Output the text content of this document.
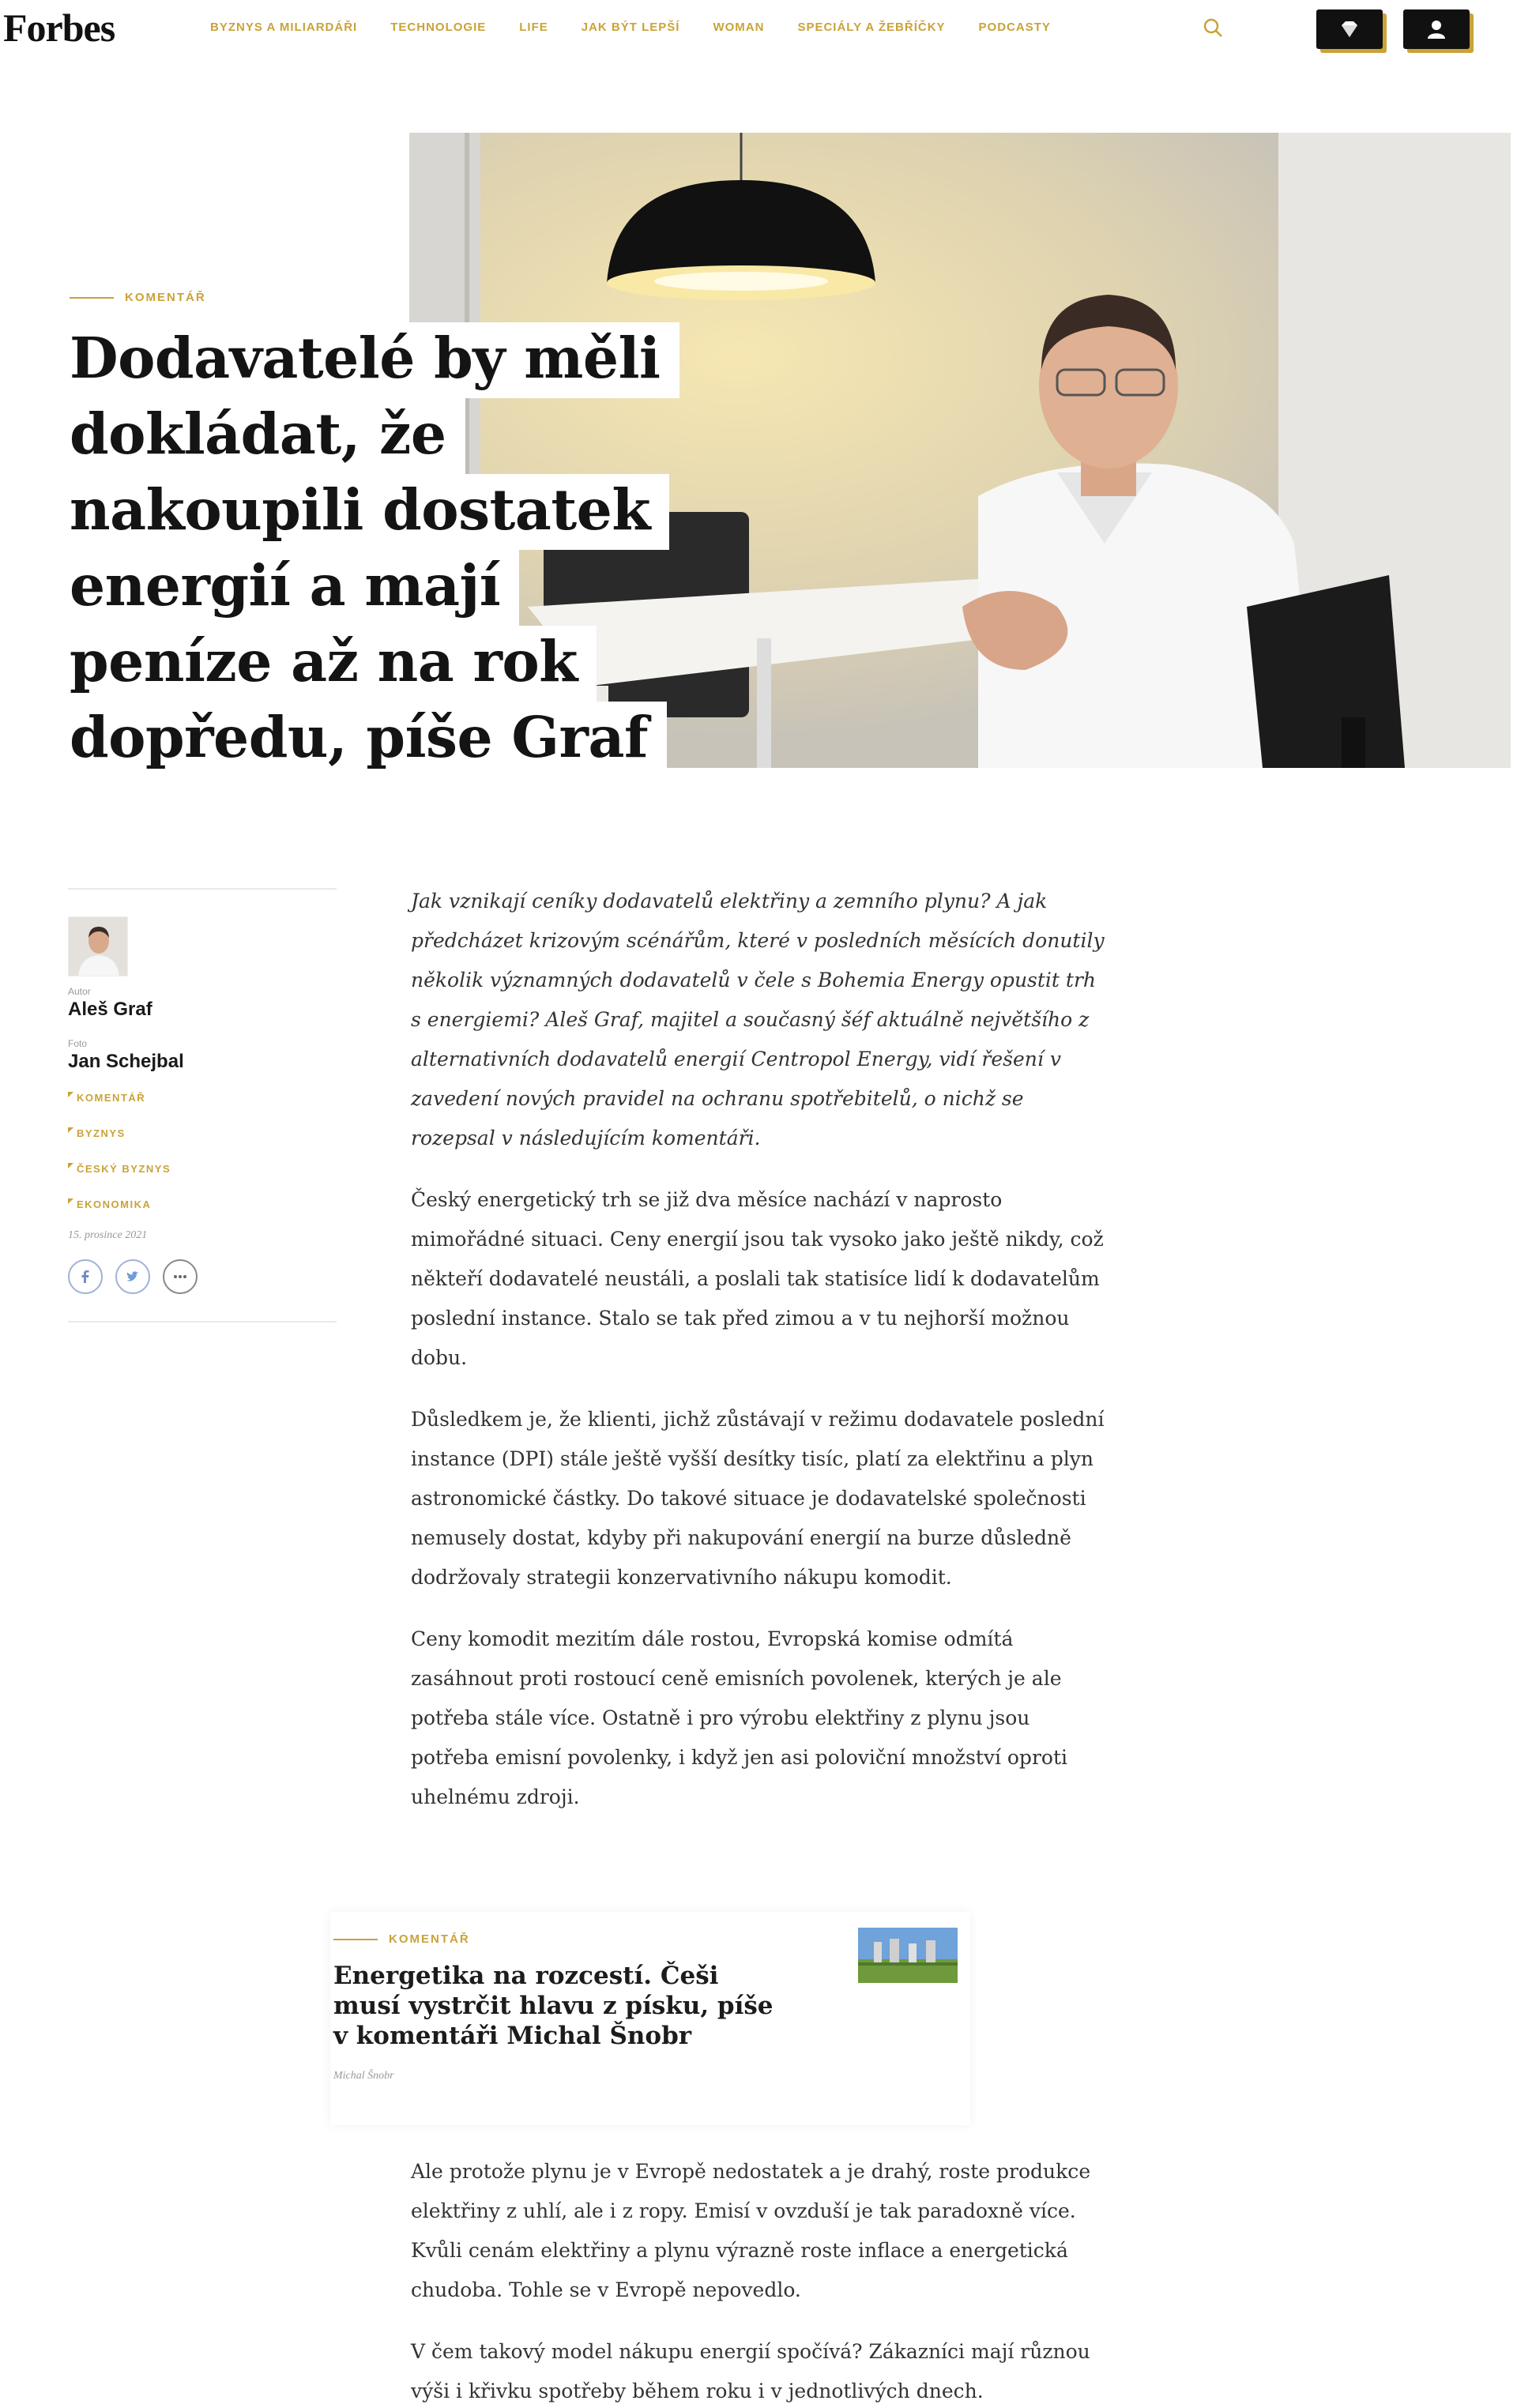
Forbes	BYZNYS A MILIARDÁŘI	TECHNOLOGIE	LIFE	JAK BÝT LEPŠÍ	WOMAN	SPECIÁLY A ŽEBŘÍČKY	PODCASTY
KOMENTÁŘ
Dodavatelé by měli
dokládat, že
nakoupili dostatek
energií a mají
peníze až na rok
dopředu, píše Graf
Autor
Aleš Graf
Foto
Jan Schejbal
KOMENTÁŘ
BYZNYS
ČESKÝ BYZNYS
EKONOMIKA
15. prosince 2021

Jak vznikají ceníky dodavatelů elektřiny a zemního plynu? A jak předcházet krizovým scénářům, které v posledních měsících donutily několik významných dodavatelů v čele s Bohemia Energy opustit trh s energiemi? Aleš Graf, majitel a současný šéf aktuálně největšího z alternativních dodavatelů energií Centropol Energy, vidí řešení v zavedení nových pravidel na ochranu spotřebitelů, o nichž se rozepsal v následujícím komentáři.

Český energetický trh se již dva měsíce nachází v naprosto mimořádné situaci. Ceny energií jsou tak vysoko jako ještě nikdy, což někteří dodavatelé neustáli, a poslali tak statisíce lidí k dodavatelům poslední instance. Stalo se tak před zimou a v tu nejhorší možnou dobu.

Důsledkem je, že klienti, jichž zůstávají v režimu dodavatele poslední instance (DPI) stále ještě vyšší desítky tisíc, platí za elektřinu a plyn astronomické částky. Do takové situace je dodavatelské společnosti nemusely dostat, kdyby při nakupování energií na burze důsledně dodržovaly strategii konzervativního nákupu komodit.

Ceny komodit mezitím dále rostou, Evropská komise odmítá zasáhnout proti rostoucí ceně emisních povolenek, kterých je ale potřeba stále více. Ostatně i pro výrobu elektřiny z plynu jsou potřeba emisní povolenky, i když jen asi poloviční množství oproti uhelnému zdroji.

KOMENTÁŘ
Energetika na rozcestí. Češi musí vystrčit hlavu z písku, píše v komentáři Michal Šnobr
Michal Šnobr

Ale protože plynu je v Evropě nedostatek a je drahý, roste produkce elektřiny z uhlí, ale i z ropy. Emisí v ovzduší je tak paradoxně více. Kvůli cenám elektřiny a plynu výrazně roste inflace a energetická chudoba. Tohle se v Evropě nepovedlo.

V čem takový model nákupu energií spočívá? Zákazníci mají různou výši i křivku spotřeby během roku i v jednotlivých dnech.
